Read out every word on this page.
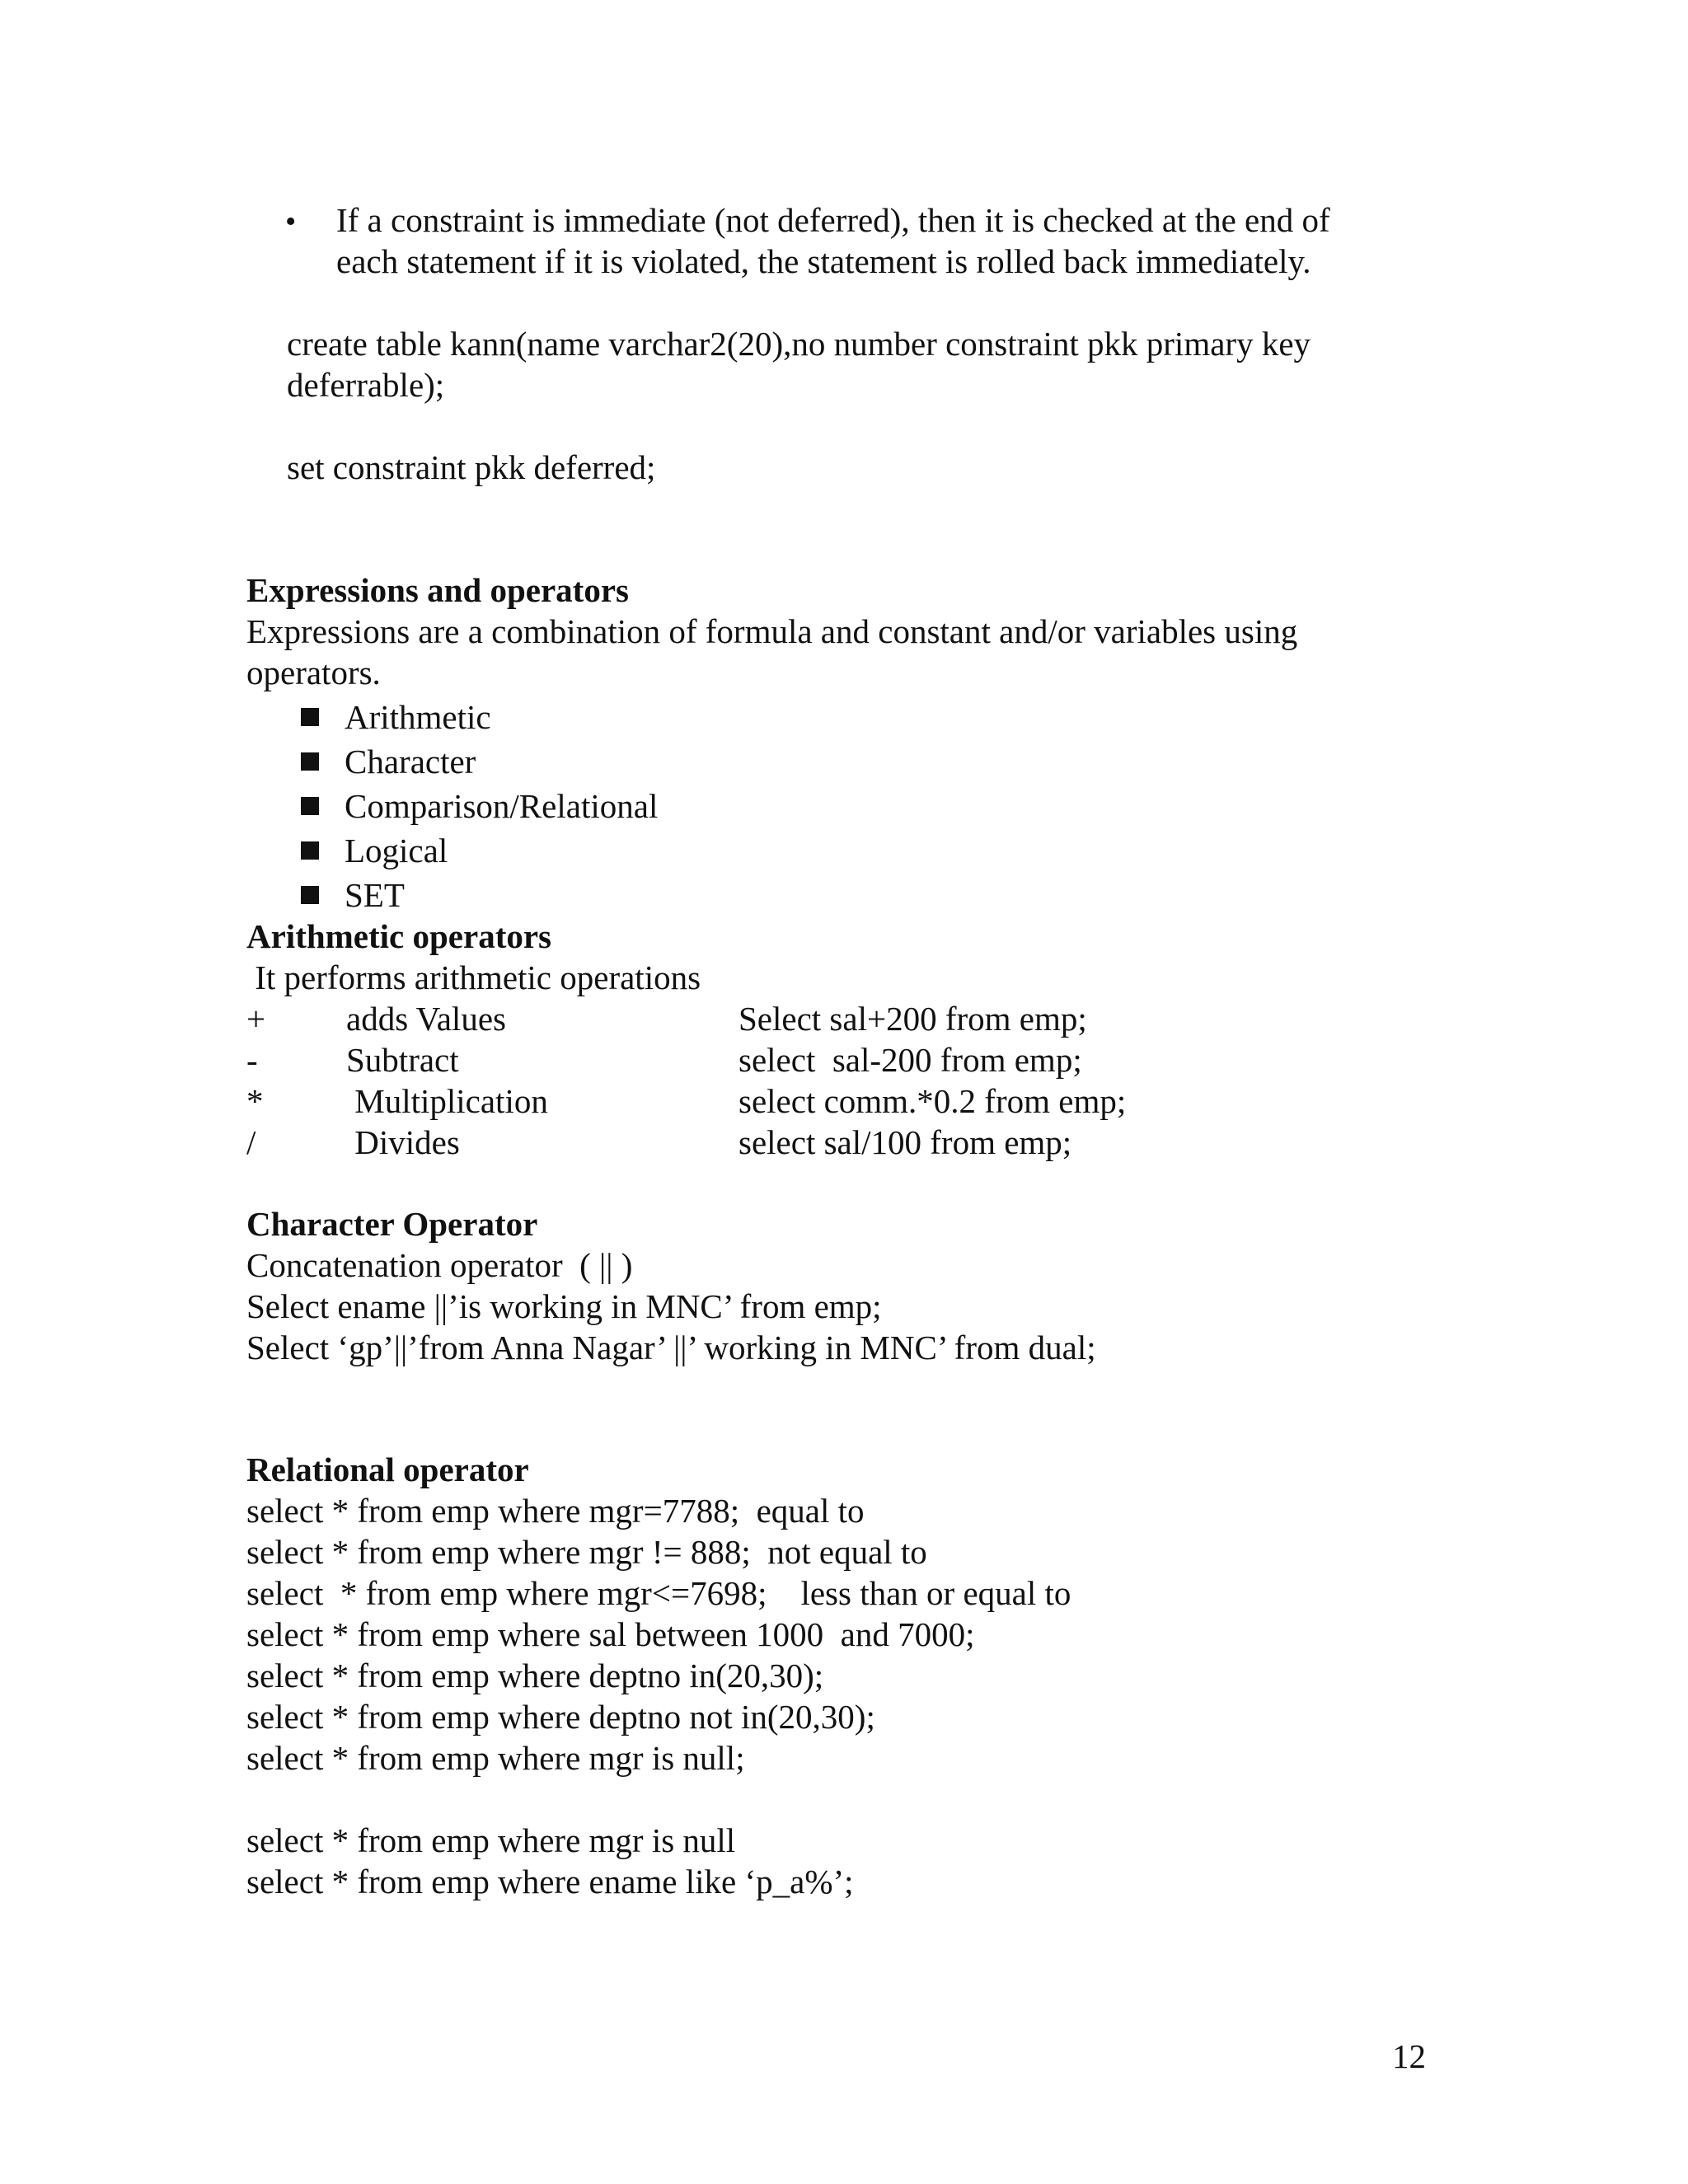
• If a constraint is immediate (not deferred), then it is checked at the end of
each statement if it is violated, the statement is rolled back immediately.
create table kann(name varchar2(20),no number constraint pkk primary key
deferrable);
set constraint pkk deferred;
Expressions and operators
Expressions are a combination of formula and constant and/or variables using
operators.
Arithmetic
Character
Comparison/Relational
Logical
SET
Arithmetic operators
It performs arithmetic operations
+ adds Values	Select sal+200 from emp;
-	Subtract	select  sal-200 from emp;
* Multiplication	select comm.*0.2 from emp;
/	Divides	select sal/100 from emp;
Character Operator
Concatenation operator  ( || )
Select ename ||’is working in MNC’ from emp;
Select ‘gp’||’from Anna Nagar’ ||’ working in MNC’ from dual;
Relational operator
select * from emp where mgr=7788;  equal to
select * from emp where mgr != 888;  not equal to
select  * from emp where mgr<=7698;    less than or equal to
select * from emp where sal between 1000  and 7000;
select * from emp where deptno in(20,30);
select * from emp where deptno not in(20,30);
select * from emp where mgr is null;
select * from emp where mgr is null
select * from emp where ename like ‘p_a%’;
12
